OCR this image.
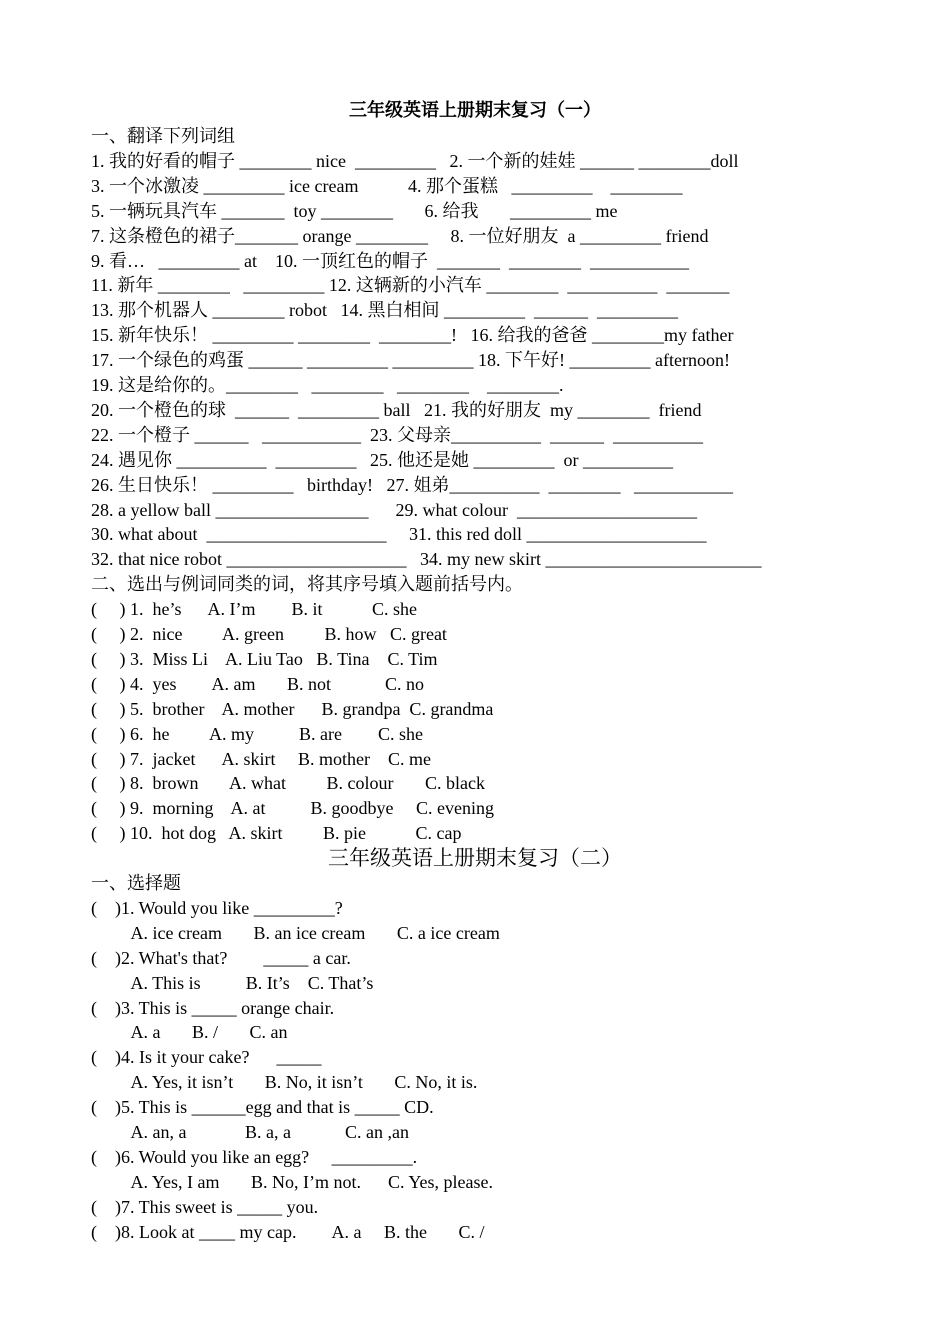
三年级英语上册期末复习（一）
一、翻译下列词组
1. 我的好看的帽子 ________ nice  _________   2. 一个新的娃娃 ______ ________doll
3. 一个冰激凌 _________ ice cream           4. 那个蛋糕   _________    ________
5. 一辆玩具汽车 _______  toy ________       6. 给我       _________ me
7. 这条橙色的裙子_______ orange ________     8. 一位好朋友  a _________ friend
9. 看…   _________ at    10. 一顶红色的帽子  _______  ________  ___________
11. 新年 ________   _________ 12. 这辆新的小汽车 ________  __________  _______
13. 那个机器人 ________ robot   14. 黑白相间 _________  ______  _________
15. 新年快乐！ _________ ________  ________!   16. 给我的爸爸 ________my father
17. 一个绿色的鸡蛋 ______ _________ _________ 18. 下午好! _________ afternoon!
19. 这是给你的。________   ________   ________    ________.
20. 一个橙色的球  ______  _________ ball   21. 我的好朋友  my ________  friend
22. 一个橙子 ______   ___________  23. 父母亲__________  ______  __________
24. 遇见你 __________  _________   25. 他还是她 _________  or __________
26. 生日快乐！ _________   birthday!   27. 姐弟__________  ________   ___________
28. a yellow ball _________________      29. what colour  ____________________
30. what about  ____________________     31. this red doll ____________________
32. that nice robot ____________________   34. my new skirt ________________________
二、选出与例词同类的词，将其序号填入题前括号内。
(     ) 1.  he’s      A. I’m        B. it           C. she
(     ) 2.  nice         A. green         B. how   C. great
(     ) 3.  Miss Li    A. Liu Tao   B. Tina    C. Tim
(     ) 4.  yes        A. am       B. not            C. no
(     ) 5.  brother    A. mother      B. grandpa  C. grandma
(     ) 6.  he         A. my          B. are        C. she
(     ) 7.  jacket      A. skirt     B. mother    C. me
(     ) 8.  brown       A. what         B. colour       C. black
(     ) 9.  morning    A. at          B. goodbye     C. evening
(     ) 10.  hot dog   A. skirt         B. pie           C. cap
一、选择题
(    )1. Would you like _________?
A. ice cream       B. an ice cream       C. a ice cream
(    )2. What's that?        _____ a car.
A. This is          B. It’s    C. That’s
(    )3. This is _____ orange chair.
A. a       B. /       C. an
(    )4. Is it your cake?      _____
A. Yes, it isn’t       B. No, it isn’t       C. No, it is.
(    )5. This is ______egg and that is _____ CD.
A. an, a             B. a, a            C. an ,an
(    )6. Would you like an egg?     _________.
A. Yes, I am       B. No, I’m not.      C. Yes, please.
(    )7. This sweet is _____ you.
(    )8. Look at ____ my cap.        A. a     B. the       C. /
三年级英语上册期末复习（二）
